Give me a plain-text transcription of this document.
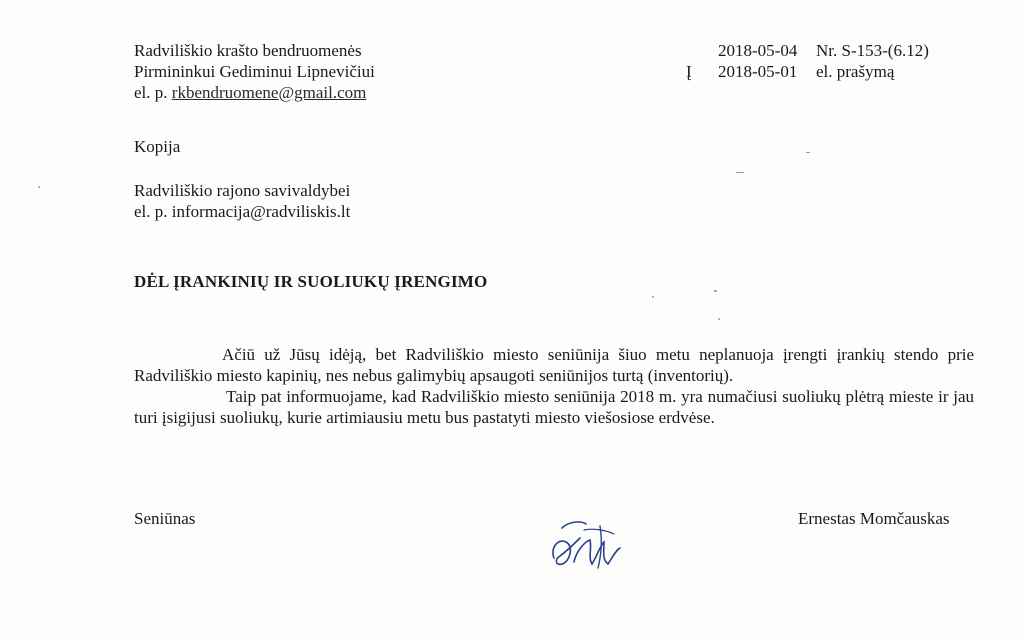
Radviliškio krašto bendruomenės
Pirmininkui Gediminui Lipnevičiui
el. p. rkbendruomene@gmail.com
2018-05-04	Nr. S-153-(6.12)
Į 2018-05-01	el. prašymą
Kopija
Radviliškio rajono savivaldybei
el. p. informacija@radviliskis.lt
DĖL ĮRANKINIŲ IR SUOLIUKŲ ĮRENGIMO

Ačiū už Jūsų idėją, bet Radviliškio miesto seniūnija šiuo metu neplanuoja įrengti įrankių stendo prie Radviliškio miesto kapinių, nes nebus galimybių apsaugoti seniūnijos turtą (inventorių).

Taip pat informuojame, kad Radviliškio miesto seniūnija 2018 m. yra numačiusi suoliukų plėtrą mieste ir jau turi įsigijusi suoliukų, kurie artimiausiu metu bus pastatyti miesto viešosiose erdvėse.

Seniūnas	Ernestas Momčauskas
